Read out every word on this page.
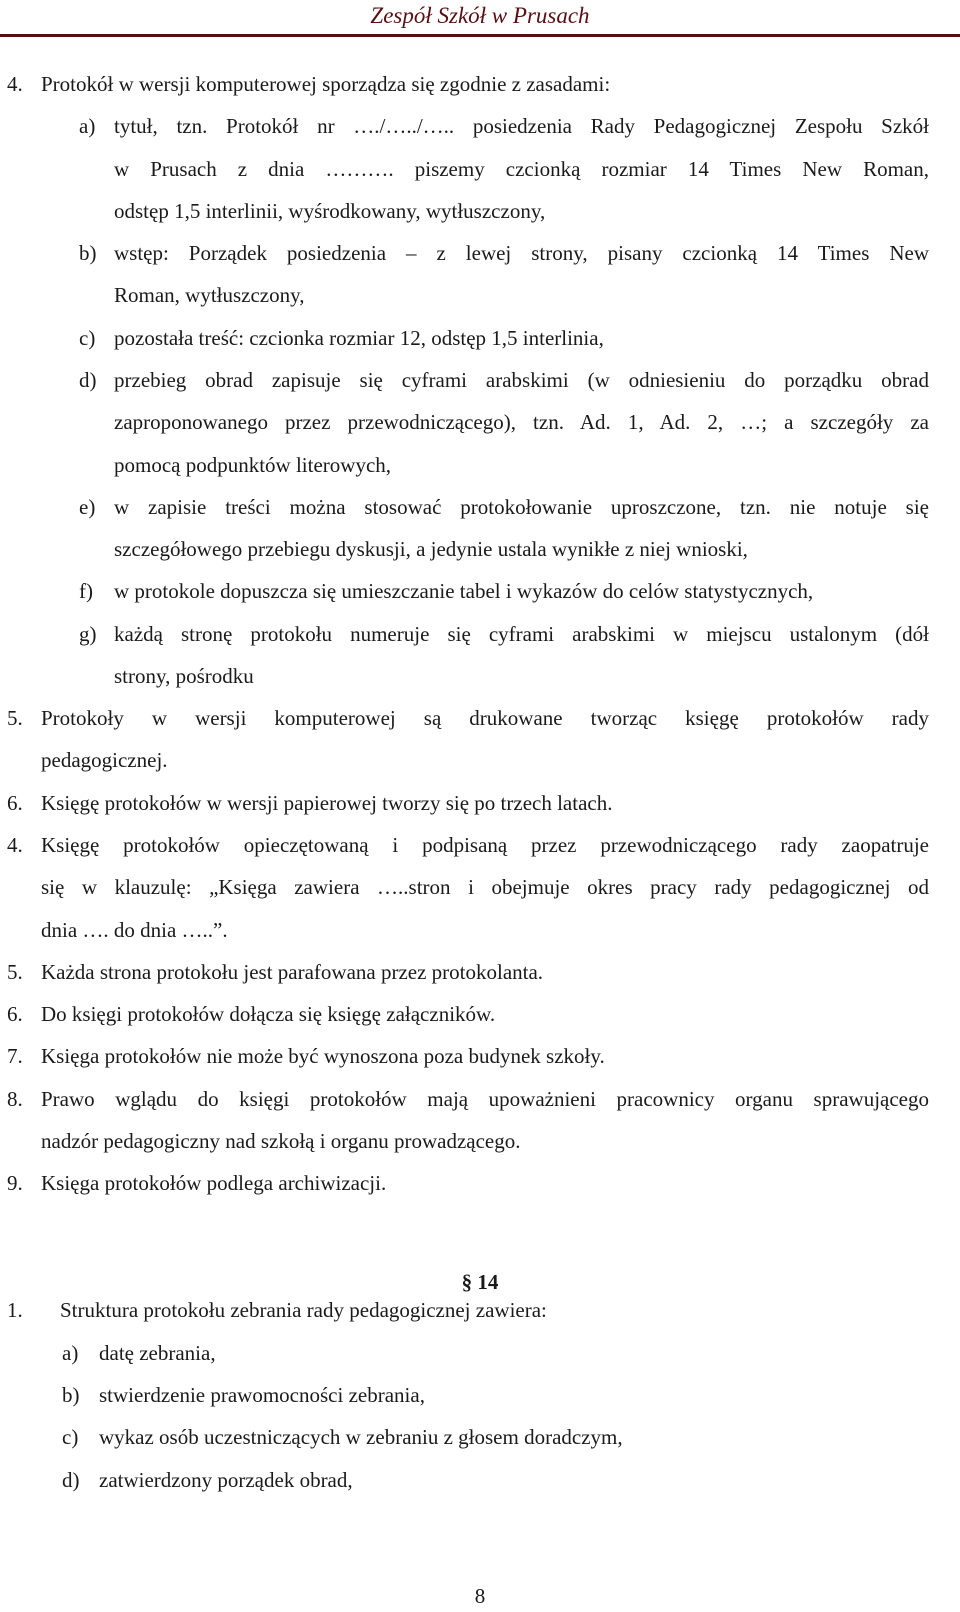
Zespół Szkół w Prusach
4. Protokół w wersji komputerowej sporządza się zgodnie z zasadami:
a) tytuł, tzn. Protokół nr …./…../….. posiedzenia Rady Pedagogicznej Zespołu Szkół
w Prusach z dnia ………. piszemy czcionką rozmiar 14 Times New Roman,
odstęp 1,5 interlinii, wyśrodkowany, wytłuszczony,
b) wstęp: Porządek posiedzenia – z lewej strony, pisany czcionką 14 Times New
Roman, wytłuszczony,
c) pozostała treść: czcionka rozmiar 12, odstęp 1,5 interlinia,
d) przebieg obrad zapisuje się cyframi arabskimi (w odniesieniu do porządku obrad
zaproponowanego przez przewodniczącego), tzn. Ad. 1, Ad. 2, …; a szczegóły za
pomocą podpunktów literowych,
e) w zapisie treści można stosować protokołowanie uproszczone, tzn. nie notuje się
szczegółowego przebiegu dyskusji, a jedynie ustala wynikłe z niej wnioski,
f) w protokole dopuszcza się umieszczanie tabel i wykazów do celów statystycznych,
g) każdą stronę protokołu numeruje się cyframi arabskimi w miejscu ustalonym (dół
strony, pośrodku
5. Protokoły w wersji komputerowej są drukowane tworząc księgę protokołów rady
pedagogicznej.
6. Księgę protokołów w wersji papierowej tworzy się po trzech latach.
4. Księgę protokołów opieczętowaną i podpisaną przez przewodniczącego rady zaopatruje
się w klauzulę: „Księga zawiera …..stron i obejmuje okres pracy rady pedagogicznej od
dnia …. do dnia …..”.
5. Każda strona protokołu jest parafowana przez protokolanta.
6. Do księgi protokołów dołącza się księgę załączników.
7. Księga protokołów nie może być wynoszona poza budynek szkoły.
8. Prawo wglądu do księgi protokołów mają upoważnieni pracownicy organu sprawującego
nadzór pedagogiczny nad szkołą i organu prowadzącego.
9. Księga protokołów podlega archiwizacji.
§ 14
1. Struktura protokołu zebrania rady pedagogicznej zawiera:
a) datę zebrania,
b) stwierdzenie prawomocności zebrania,
c) wykaz osób uczestniczących w zebraniu z głosem doradczym,
d) zatwierdzony porządek obrad,
8
